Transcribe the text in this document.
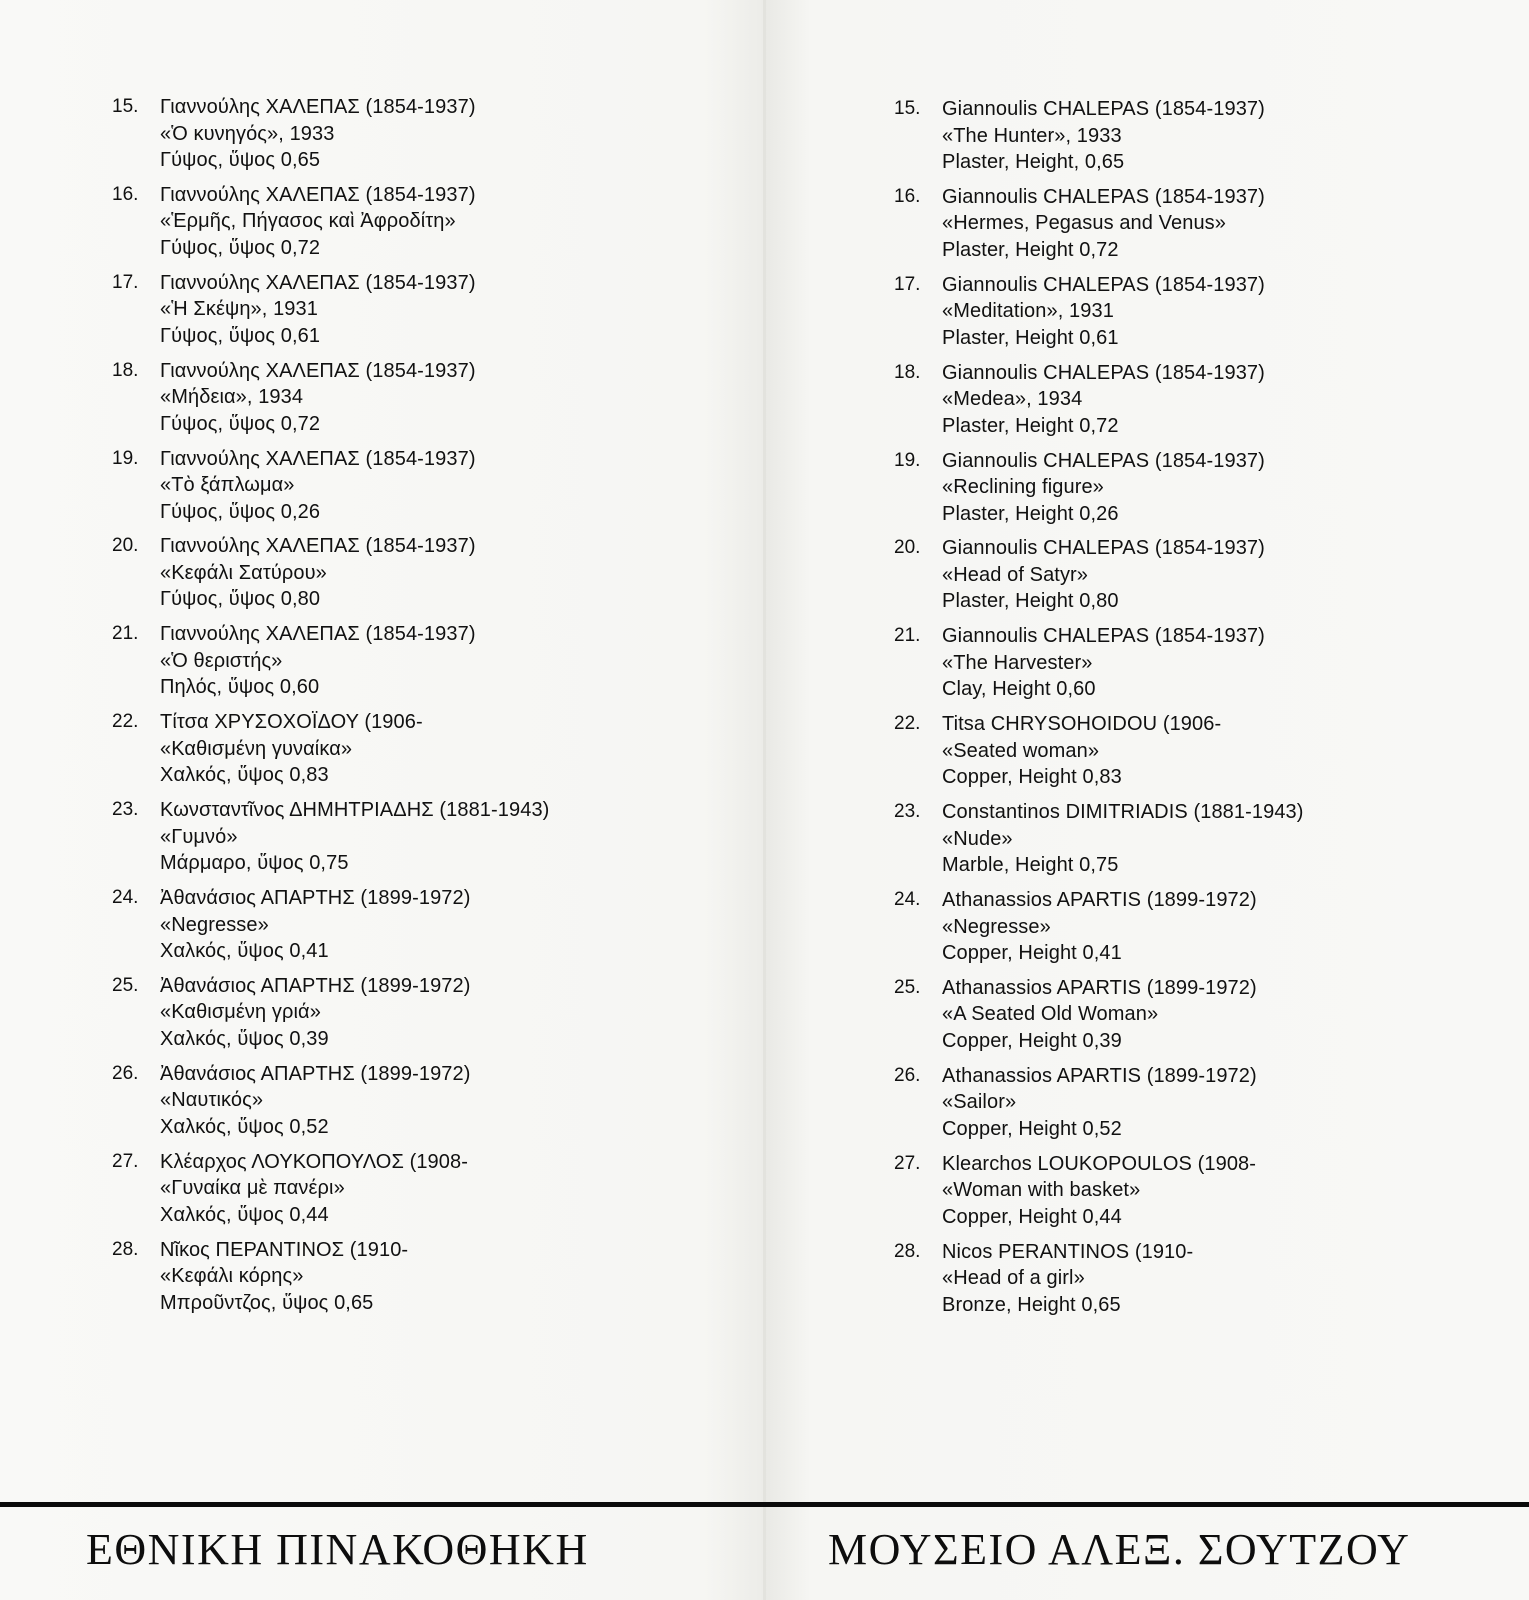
15. Γιαννούλης ΧΑΛΕΠΑΣ (1854-1937)
«Ὁ κυνηγός», 1933
Γύψος, ὕψος 0,65
16. Γιαννούλης ΧΑΛΕΠΑΣ (1854-1937)
«Ἑρμῆς, Πήγασος καὶ Ἀφροδίτη»
Γύψος, ὕψος 0,72
17. Γιαννούλης ΧΑΛΕΠΑΣ (1854-1937)
«Ἡ Σκέψη», 1931
Γύψος, ὕψος 0,61
18. Γιαννούλης ΧΑΛΕΠΑΣ (1854-1937)
«Μήδεια», 1934
Γύψος, ὕψος 0,72
19. Γιαννούλης ΧΑΛΕΠΑΣ (1854-1937)
«Τὸ ξάπλωμα»
Γύψος, ὕψος 0,26
20. Γιαννούλης ΧΑΛΕΠΑΣ (1854-1937)
«Κεφάλι Σατύρου»
Γύψος, ὕψος 0,80
21. Γιαννούλης ΧΑΛΕΠΑΣ (1854-1937)
«Ὁ θεριστής»
Πηλός, ὕψος 0,60
22. Τίτσα ΧΡΥΣΟΧΟΪΔΟΥ (1906-
«Καθισμένη γυναίκα»
Χαλκός, ὕψος 0,83
23. Κωνσταντῖνος ΔΗΜΗΤΡΙΑΔΗΣ (1881-1943)
«Γυμνό»
Μάρμαρο, ὕψος 0,75
24. Ἀθανάσιος ΑΠΑΡΤΗΣ (1899-1972)
«Negresse»
Χαλκός, ὕψος 0,41
25. Ἀθανάσιος ΑΠΑΡΤΗΣ (1899-1972)
«Καθισμένη γριά»
Χαλκός, ὕψος 0,39
26. Ἀθανάσιος ΑΠΑΡΤΗΣ (1899-1972)
«Ναυτικός»
Χαλκός, ὕψος 0,52
27. Κλέαρχος ΛΟΥΚΟΠΟΥΛΟΣ (1908-
«Γυναίκα μὲ πανέρι»
Χαλκός, ὕψος 0,44
28. Νῖκος ΠΕΡΑΝΤΙΝΟΣ (1910-
«Κεφάλι κόρης»
Μπροῦντζος, ὕψος 0,65
15. Giannoulis CHALEPAS (1854-1937)
«The Hunter», 1933
Plaster, Height, 0,65
16. Giannoulis CHALEPAS (1854-1937)
«Hermes, Pegasus and Venus»
Plaster, Height 0,72
17. Giannoulis CHALEPAS (1854-1937)
«Meditation», 1931
Plaster, Height 0,61
18. Giannoulis CHALEPAS (1854-1937)
«Medea», 1934
Plaster, Height 0,72
19. Giannoulis CHALEPAS (1854-1937)
«Reclining figure»
Plaster, Height 0,26
20. Giannoulis CHALEPAS (1854-1937)
«Head of Satyr»
Plaster, Height 0,80
21. Giannoulis CHALEPAS (1854-1937)
«The Harvester»
Clay, Height 0,60
22. Titsa CHRYSOHOIDOU (1906-
«Seated woman»
Copper, Height 0,83
23. Constantinos DIMITRIADIS (1881-1943)
«Nude»
Marble, Height 0,75
24. Athanassios APARTIS (1899-1972)
«Negresse»
Copper, Height 0,41
25. Athanassios APARTIS (1899-1972)
«A Seated Old Woman»
Copper, Height 0,39
26. Athanassios APARTIS (1899-1972)
«Sailor»
Copper, Height 0,52
27. Klearchos LOUKOPOULOS (1908-
«Woman with basket»
Copper, Height 0,44
28. Nicos PERANTINOS (1910-
«Head of a girl»
Bronze, Height 0,65
ΕΘΝΙΚΗ ΠΙΝΑΚΟΘΗΚΗ	ΜΟΥΣΕΙΟ ΑΛΕΞ. ΣΟΥΤΖΟΥ
